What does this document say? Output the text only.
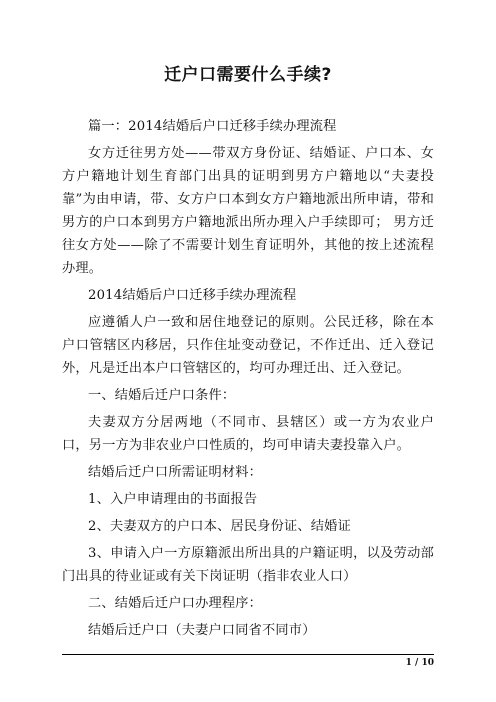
迁户口需要什么手续?

篇一：2014结婚后户口迁移手续办理流程

女方迁往男方处——带双方身份证、结婚证、户口本、女方户籍地计划生育部门出具的证明到男方户籍地以“夫妻投靠”为由申请，带、女方户口本到女方户籍地派出所申请，带和男方的户口本到男方户籍地派出所办理入户手续即可； 男方迁往女方处——除了不需要计划生育证明外，其他的按上述流程办理。

2014结婚后户口迁移手续办理流程

应遵循人户一致和居住地登记的原则。公民迁移，除在本户口管辖区内移居，只作住址变动登记，不作迁出、迁入登记外，凡是迁出本户口管辖区的，均可办理迁出、迁入登记。

一、结婚后迁户口条件：

夫妻双方分居两地（不同市、县辖区）或一方为农业户口，另一方为非农业户口性质的，均可申请夫妻投靠入户。

结婚后迁户口所需证明材料：

1、入户申请理由的书面报告

2、夫妻双方的户口本、居民身份证、结婚证

3、申请入户一方原籍派出所出具的户籍证明，以及劳动部门出具的待业证或有关下岗证明（指非农业人口）

二、结婚后迁户口办理程序：

结婚后迁户口（夫妻户口同省不同市）

1 / 10
